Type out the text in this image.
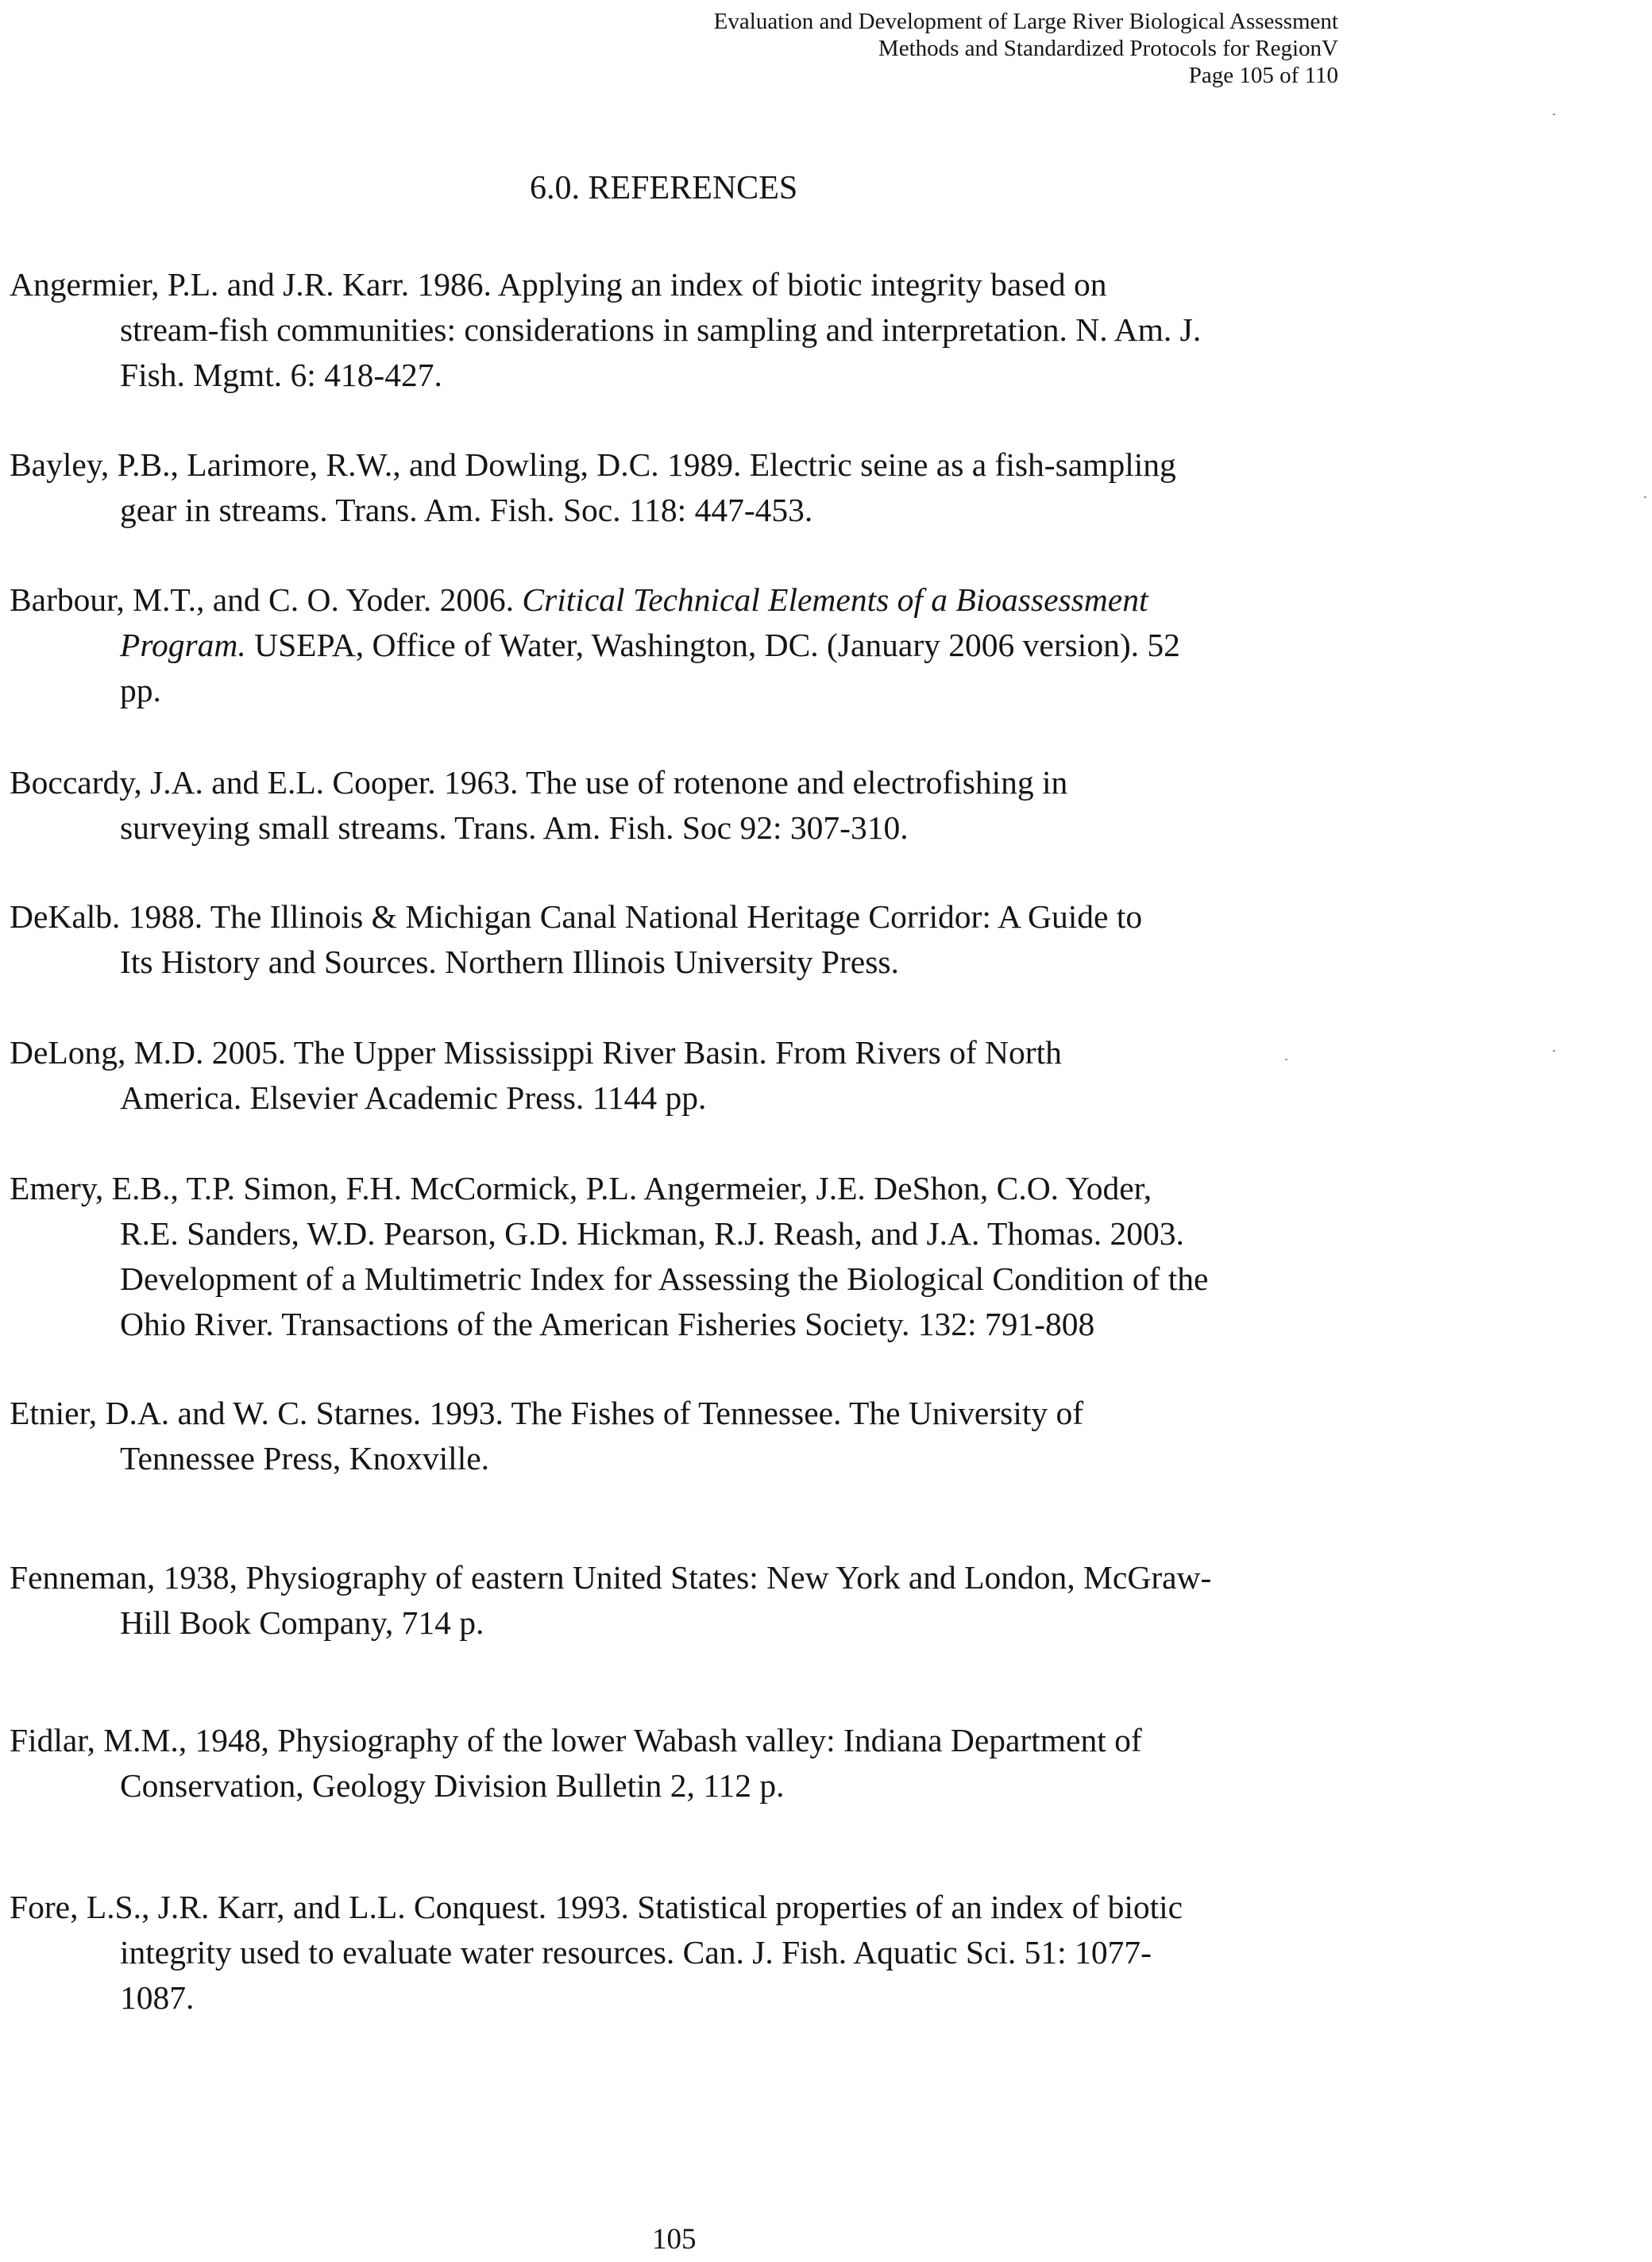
Evaluation and Development of Large River Biological Assessment
Methods and Standardized Protocols for RegionV
Page 105 of 110
6.0. REFERENCES
Angermier, P.L. and J.R. Karr. 1986. Applying an index of biotic integrity based on
stream-fish communities: considerations in sampling and interpretation. N. Am. J.
Fish. Mgmt. 6: 418-427.
Bayley, P.B., Larimore, R.W., and Dowling, D.C. 1989. Electric seine as a fish-sampling
gear in streams. Trans. Am. Fish. Soc. 118: 447-453.
Barbour, M.T., and C. O. Yoder. 2006. Critical Technical Elements of a Bioassessment
Program. USEPA, Office of Water, Washington, DC. (January 2006 version). 52
pp.
Boccardy, J.A. and E.L. Cooper. 1963. The use of rotenone and electrofishing in
surveying small streams. Trans. Am. Fish. Soc 92: 307-310.
DeKalb. 1988. The Illinois & Michigan Canal National Heritage Corridor: A Guide to
Its History and Sources. Northern Illinois University Press.
DeLong, M.D. 2005. The Upper Mississippi River Basin. From Rivers of North
America. Elsevier Academic Press. 1144 pp.
Emery, E.B., T.P. Simon, F.H. McCormick, P.L. Angermeier, J.E. DeShon, C.O. Yoder,
R.E. Sanders, W.D. Pearson, G.D. Hickman, R.J. Reash, and J.A. Thomas. 2003.
Development of a Multimetric Index for Assessing the Biological Condition of the
Ohio River. Transactions of the American Fisheries Society. 132: 791-808
Etnier, D.A. and W. C. Starnes. 1993. The Fishes of Tennessee. The University of
Tennessee Press, Knoxville.
Fenneman, 1938, Physiography of eastern United States: New York and London, McGraw-
Hill Book Company, 714 p.
Fidlar, M.M., 1948, Physiography of the lower Wabash valley: Indiana Department of
Conservation, Geology Division Bulletin 2, 112 p.
Fore, L.S., J.R. Karr, and L.L. Conquest. 1993. Statistical properties of an index of biotic
integrity used to evaluate water resources. Can. J. Fish. Aquatic Sci. 51: 1077-
1087.
105
